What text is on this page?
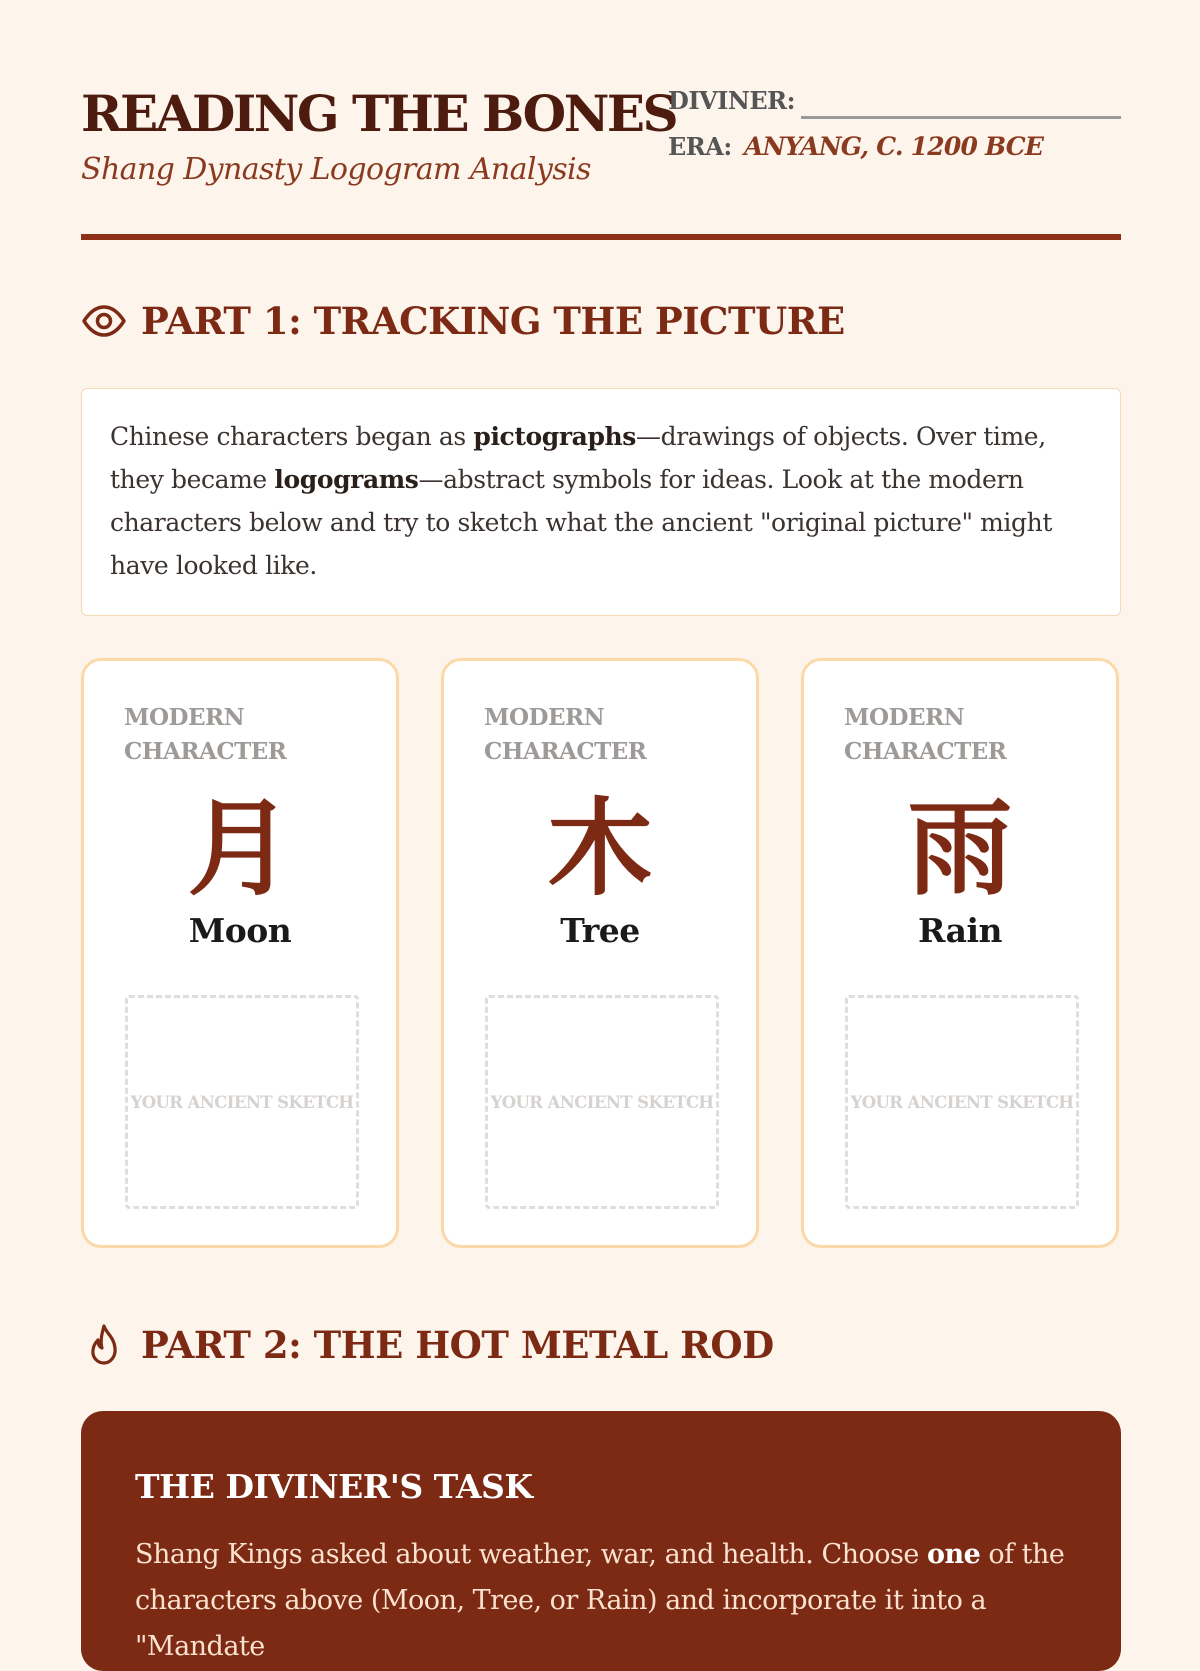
READING THE BONES
Shang Dynasty Logogram Analysis
DIVINER:
ERA: ANYANG, C. 1200 BCE
PART 1: TRACKING THE PICTURE

Chinese characters began as pictographs—drawings of objects. Over time, they became logograms—abstract symbols for ideas. Look at the modern characters below and try to sketch what the ancient "original picture" might have looked like.

MODERN CHARACTER
月
Moon
YOUR ANCIENT SKETCH
MODERN CHARACTER
木
Tree
YOUR ANCIENT SKETCH
MODERN CHARACTER
雨
Rain
YOUR ANCIENT SKETCH
PART 2: THE HOT METAL ROD
THE DIVINER'S TASK
Shang Kings asked about weather, war, and health. Choose one of the characters above (Moon, Tree, or Rain) and incorporate it into a "Mandate
